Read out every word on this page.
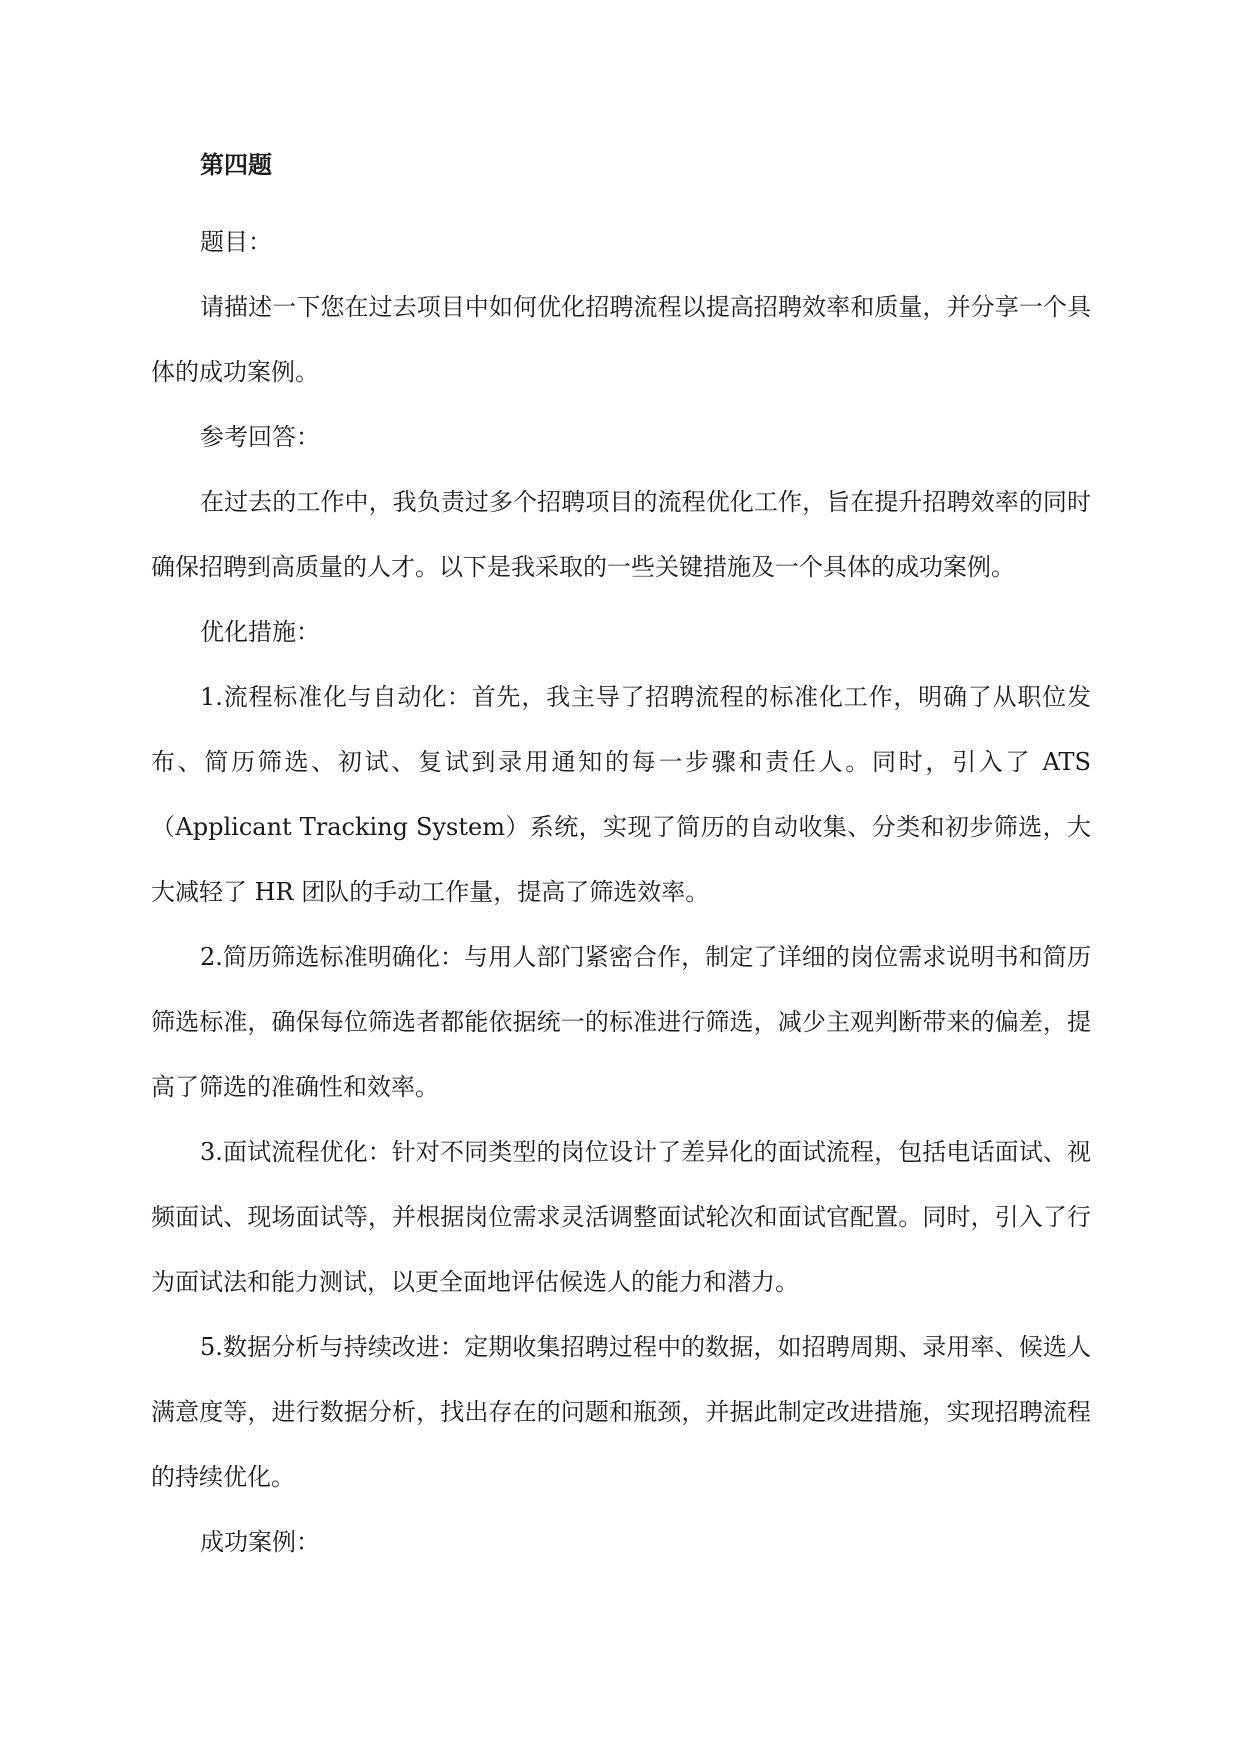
第四题

题目：

请描述一下您在过去项目中如何优化招聘流程以提高招聘效率和质量，并分享一个具体的成功案例。

参考回答：

在过去的工作中，我负责过多个招聘项目的流程优化工作，旨在提升招聘效率的同时确保招聘到高质量的人才。以下是我采取的一些关键措施及一个具体的成功案例。

优化措施：

1.流程标准化与自动化：首先，我主导了招聘流程的标准化工作，明确了从职位发布、简历筛选、初试、复试到录用通知的每一步骤和责任人。同时，引入了 ATS（Applicant Tracking System）系统，实现了简历的自动收集、分类和初步筛选，大大减轻了 HR 团队的手动工作量，提高了筛选效率。

2.简历筛选标准明确化：与用人部门紧密合作，制定了详细的岗位需求说明书和简历筛选标准，确保每位筛选者都能依据统一的标准进行筛选，减少主观判断带来的偏差，提高了筛选的准确性和效率。

3.面试流程优化：针对不同类型的岗位设计了差异化的面试流程，包括电话面试、视频面试、现场面试等，并根据岗位需求灵活调整面试轮次和面试官配置。同时，引入了行为面试法和能力测试，以更全面地评估候选人的能力和潜力。

5.数据分析与持续改进：定期收集招聘过程中的数据，如招聘周期、录用率、候选人满意度等，进行数据分析，找出存在的问题和瓶颈，并据此制定改进措施，实现招聘流程的持续优化。

成功案例：
